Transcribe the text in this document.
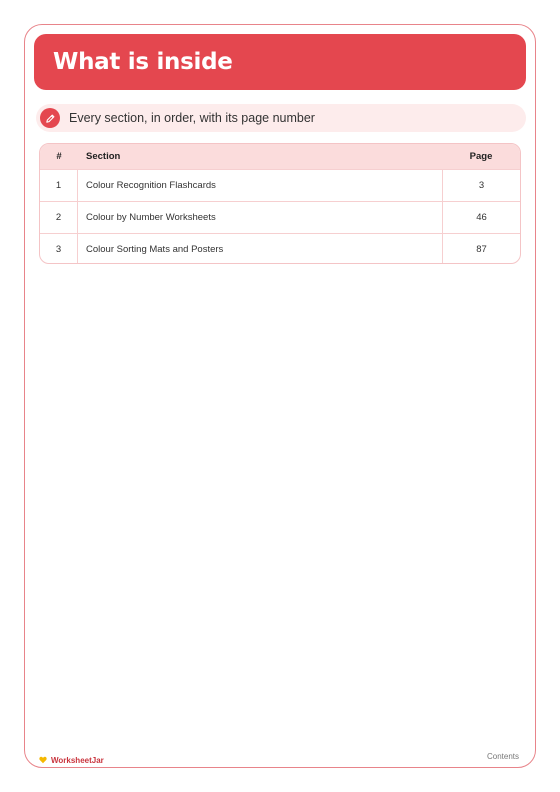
What is inside
Every section, in order, with its page number
#	Section	Page
1	Colour Recognition Flashcards	3
2	Colour by Number Worksheets	46
3	Colour Sorting Mats and Posters	87
WorksheetJar	Contents
